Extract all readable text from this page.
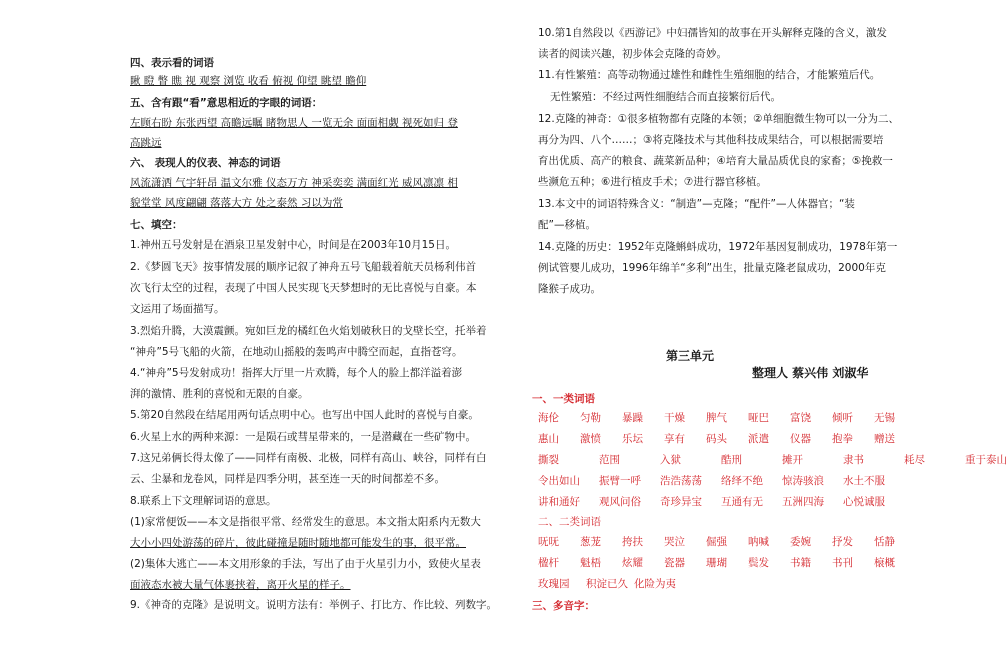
四、表示看的词语
瞅 瞪 瞥 瞧 视 观察 浏览 收看 俯视 仰望 眺望 瞻仰
五、含有跟“看”意思相近的字眼的词语：
左顾右盼 东张西望 高瞻远瞩 睹物思人 一览无余 面面相觑 视死如归 登
高跳远
六、 表现人的仪表、神态的词语
风流潇洒 气宇轩昂 温文尔雅 仪态万方 神采奕奕 满面红光 威风凛凛 相
貌堂堂 风度翩翩 落落大方 处之泰然 习以为常
七、填空：
1.神州五号发射是在酒泉卫星发射中心，时间是在2003年10月15日。
2.《梦圆飞天》按事情发展的顺序记叙了神舟五号飞船载着航天员杨利伟首
次飞行太空的过程，表现了中国人民实现飞天梦想时的无比喜悦与自豪。本
文运用了场面描写。
3.烈焰升腾，大漠震颤。宛如巨龙的橘红色火焰划破秋日的戈壁长空，托举着
“神舟”5号飞船的火箭，在地动山摇般的轰鸣声中腾空而起，直指苍穹。
4.“神舟”5号发射成功！指挥大厅里一片欢腾，每个人的脸上都洋溢着澎
湃的激情、胜利的喜悦和无限的自豪。
5.第20自然段在结尾用两句话点明中心。也写出中国人此时的喜悦与自豪。
6.火星上水的两种来源：一是陨石或彗星带来的，一是潜藏在一些矿物中。
7.这兄弟俩长得太像了——同样有南极、北极，同样有高山、峡谷，同样有白
云、尘暴和龙卷风，同样是四季分明，甚至连一天的时间都差不多。
8.联系上下文理解词语的意思。
(1)家常便饭——本文是指很平常、经常发生的意思。本文指太阳系内无数大
大小小四处游荡的碎片，彼此碰撞是随时随地都可能发生的事，很平常。
(2)集体大逃亡——本文用形象的手法，写出了由于火星引力小，致使火星表
面液态水被大量气体裹挟着，离开火星的样子。
9.《神奇的克隆》是说明文。说明方法有：举例子、打比方、作比较、列数字。
10.第1自然段以《西游记》中妇孺皆知的故事在开头解释克隆的含义，激发
读者的阅读兴趣，初步体会克隆的奇妙。
11.有性繁殖：高等动物通过雄性和雌性生殖细胞的结合，才能繁殖后代。
无性繁殖：不经过两性细胞结合而直接繁衍后代。
12.克隆的神奇：①很多植物都有克隆的本领；②单细胞微生物可以一分为二、
再分为四、八个……；③将克隆技术与其他科技成果结合，可以根据需要培
育出优质、高产的粮食、蔬菜新品种；④培育大量品质优良的家畜；⑤挽救一
些濒危五种；⑥进行植皮手术；⑦进行器官移植。
13.本文中的词语特殊含义：“制造”—克隆；“配件”—人体器官；“装
配”—移植。
14.克隆的历史：1952年克隆蝌蚪成功，1972年基因复制成功，1978年第一
例试管婴儿成功，1996年绵羊“多利”出生，批量克隆老鼠成功，2000年克
隆猴子成功。
第三单元
整理人 蔡兴伟 刘淑华
一、一类词语
海伦 匀勒 暴躁 干燥 脾气 哑巴 富饶 倾听 无锡
惠山 激愤 乐坛 享有 码头 派遣 仪器 抱拳 赠送
撕裂	范围	入狱	酷刑	摊开	隶书	耗尽	重于泰山
令出如山 振臂一呼 浩浩荡荡 络绎不绝 惊涛骇浪 水土不服
讲和通好 观风问俗 奇珍异宝 互通有无 五洲四海 心悦诚服
二、二类词语
呒呒 葱茏 挎扶 哭泣 倔强 呐喊 委婉 抒发 恬静
楹杆 魁梧 炫耀 瓷器 珊瑚 鬓发 书籍 书刊 榱概
玫瑰园 积淀已久 化险为夷
三、多音字：
